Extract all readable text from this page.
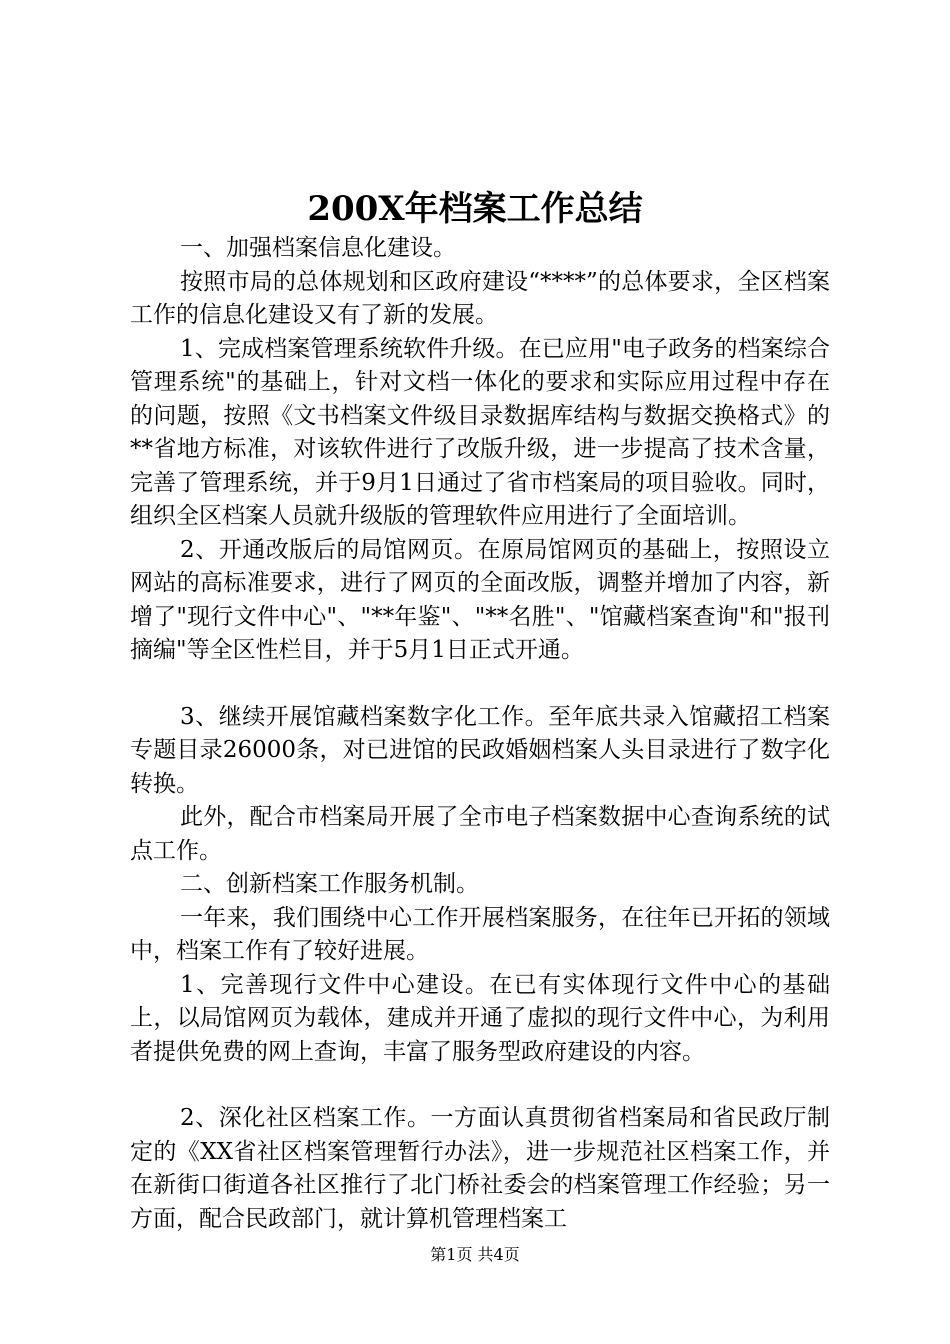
200X年档案工作总结

一、加强档案信息化建设。

按照市局的总体规划和区政府建设“****”的总体要求，全区档案工作的信息化建设又有了新的发展。

1、完成档案管理系统软件升级。在已应用"电子政务的档案综合管理系统"的基础上，针对文档一体化的要求和实际应用过程中存在的问题，按照《文书档案文件级目录数据库结构与数据交换格式》的**省地方标准，对该软件进行了改版升级，进一步提高了技术含量，完善了管理系统，并于9月1日通过了省市档案局的项目验收。同时，组织全区档案人员就升级版的管理软件应用进行了全面培训。

2、开通改版后的局馆网页。在原局馆网页的基础上，按照设立网站的高标准要求，进行了网页的全面改版，调整并增加了内容，新增了"现行文件中心"、"**年鉴"、"**名胜"、"馆藏档案查询"和"报刊摘编"等全区性栏目，并于5月1日正式开通。

3、继续开展馆藏档案数字化工作。至年底共录入馆藏招工档案专题目录26000条，对已进馆的民政婚姻档案人头目录进行了数字化转换。

此外，配合市档案局开展了全市电子档案数据中心查询系统的试点工作。

二、创新档案工作服务机制。

一年来，我们围绕中心工作开展档案服务，在往年已开拓的领域中，档案工作有了较好进展。

1、完善现行文件中心建设。在已有实体现行文件中心的基础上，以局馆网页为载体，建成并开通了虚拟的现行文件中心，为利用者提供免费的网上查询，丰富了服务型政府建设的内容。

2、深化社区档案工作。一方面认真贯彻省档案局和省民政厅制定的《XX省社区档案管理暂行办法》，进一步规范社区档案工作，并在新街口街道各社区推行了北门桥社委会的档案管理工作经验；另一方面，配合民政部门，就计算机管理档案工

第1页 共4页
